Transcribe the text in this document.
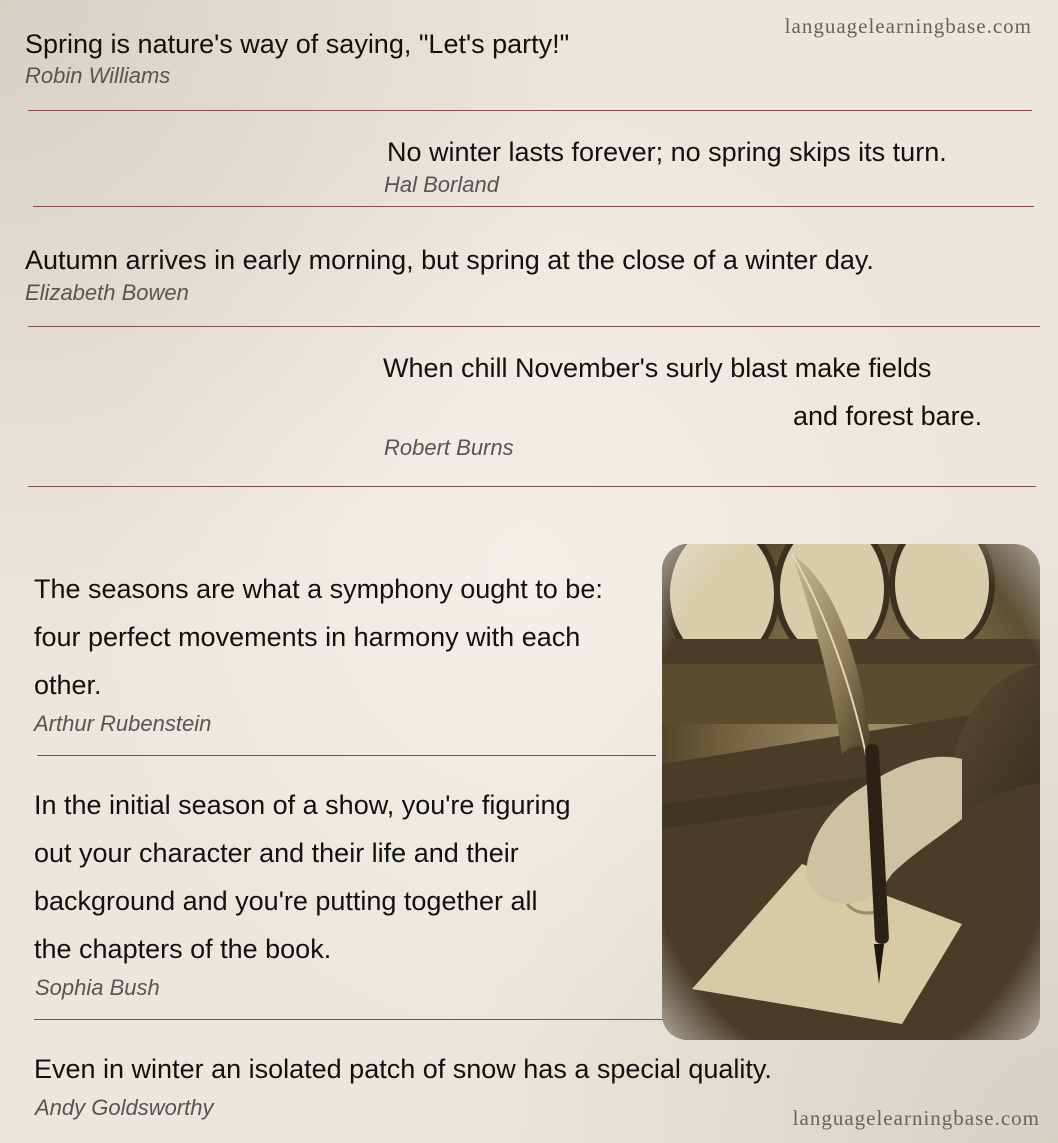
languagelearningbase.com

Spring is nature's way of saying, "Let's party!"

Robin Williams

No winter lasts forever; no spring skips its turn.

Hal Borland

Autumn arrives in early morning, but spring at the close of a winter day.

Elizabeth Bowen

When chill November's surly blast make fields

and forest bare.

Robert Burns

The seasons are what a symphony ought to be:

four perfect movements in harmony with each

other.

Arthur Rubenstein

In the initial season of a show, you're figuring

out your character and their life and their

background and you're putting together all

the chapters of the book.

Sophia Bush

Even in winter an isolated patch of snow has a special quality.

Andy Goldsworthy	languagelearningbase.com
